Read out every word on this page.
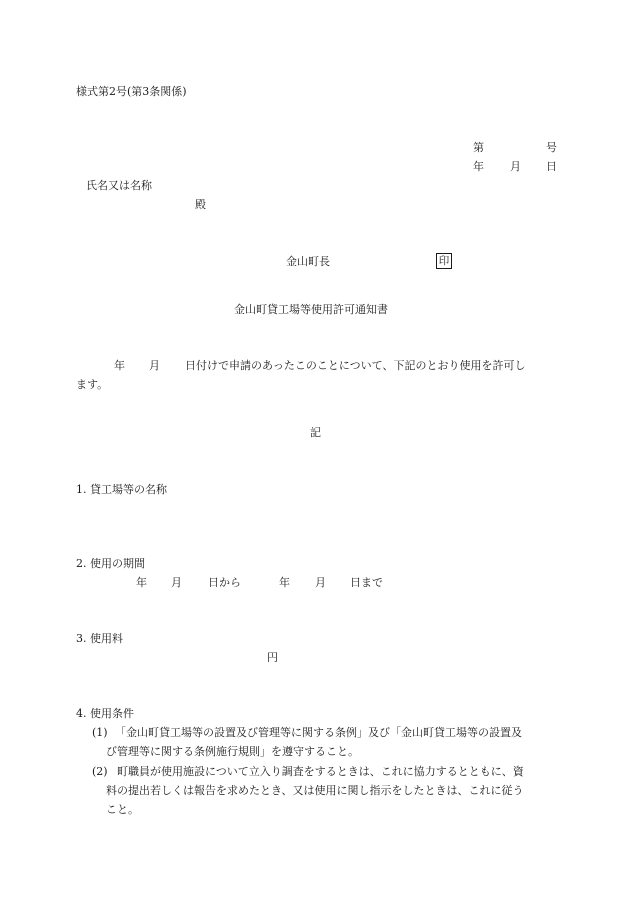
様式第2号(第3条関係)
第	号
年 月 日
氏名又は名称
殿
金山町長	印
金山町貸工場等使用許可通知書
年 月 日付けで申請のあったこのことについて、下記のとおり使用を許可し
ます。
記
1. 貸工場等の名称
2. 使用の期間
年 月 日から	年 月 日まで
3. 使用料
円
4. 使用条件
(1) 「金山町貸工場等の設置及び管理等に関する条例」及び「金山町貸工場等の設置及
び管理等に関する条例施行規則」を遵守すること。
(2) 町職員が使用施設について立入り調査をするときは、これに協力するとともに、資
料の提出若しくは報告を求めたとき、又は使用に関し指示をしたときは、これに従う
こと。
